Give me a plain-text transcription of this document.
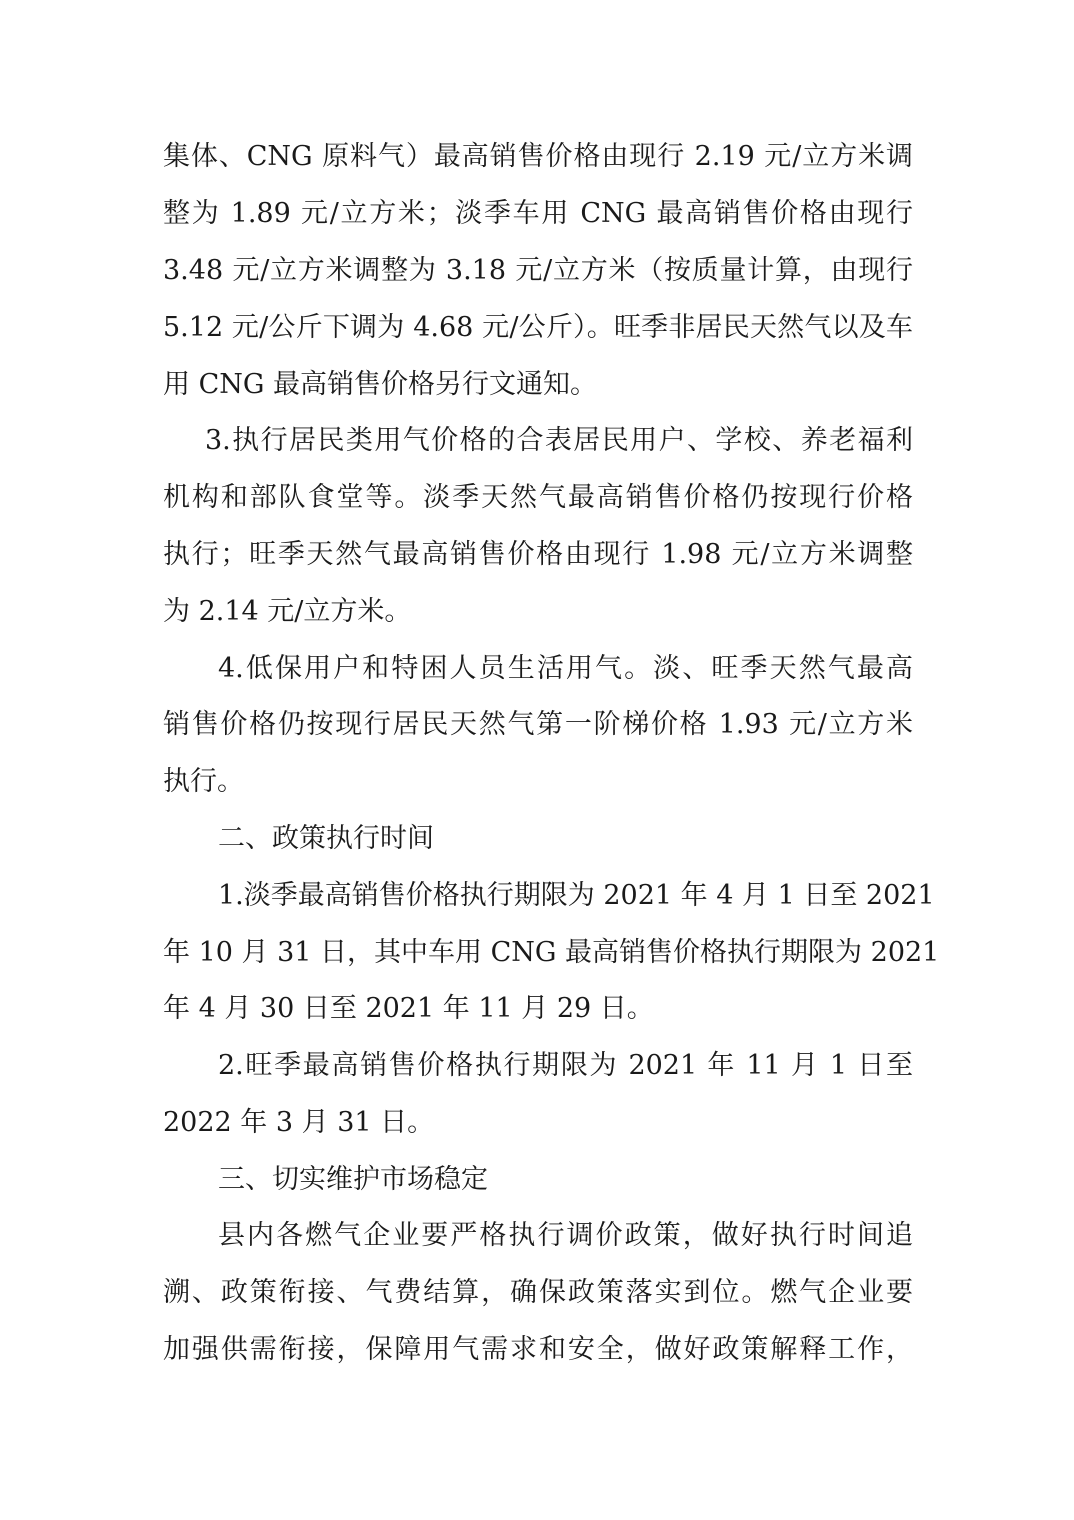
集体、CNG 原料气）最高销售价格由现行 2.19 元/立方米调
整为 1.89 元/立方米；淡季车用 CNG 最高销售价格由现行
3.48 元/立方米调整为 3.18 元/立方米（按质量计算，由现行
5.12 元/公斤下调为 4.68 元/公斤）。旺季非居民天然气以及车
用 CNG 最高销售价格另行文通知。
3.执行居民类用气价格的合表居民用户、学校、养老福利
机构和部队食堂等。淡季天然气最高销售价格仍按现行价格
执行；旺季天然气最高销售价格由现行 1.98 元/立方米调整
为 2.14 元/立方米。
4.低保用户和特困人员生活用气。淡、旺季天然气最高
销售价格仍按现行居民天然气第一阶梯价格 1.93 元/立方米
执行。
二、政策执行时间
1.淡季最高销售价格执行期限为 2021 年 4 月 1 日至 2021
年 10 月 31 日，其中车用 CNG 最高销售价格执行期限为 2021
年 4 月 30 日至 2021 年 11 月 29 日。
2.旺季最高销售价格执行期限为 2021 年 11 月 1 日至
2022 年 3 月 31 日。
三、切实维护市场稳定
县内各燃气企业要严格执行调价政策，做好执行时间追
溯、政策衔接、气费结算，确保政策落实到位。燃气企业要
加强供需衔接，保障用气需求和安全，做好政策解释工作，
